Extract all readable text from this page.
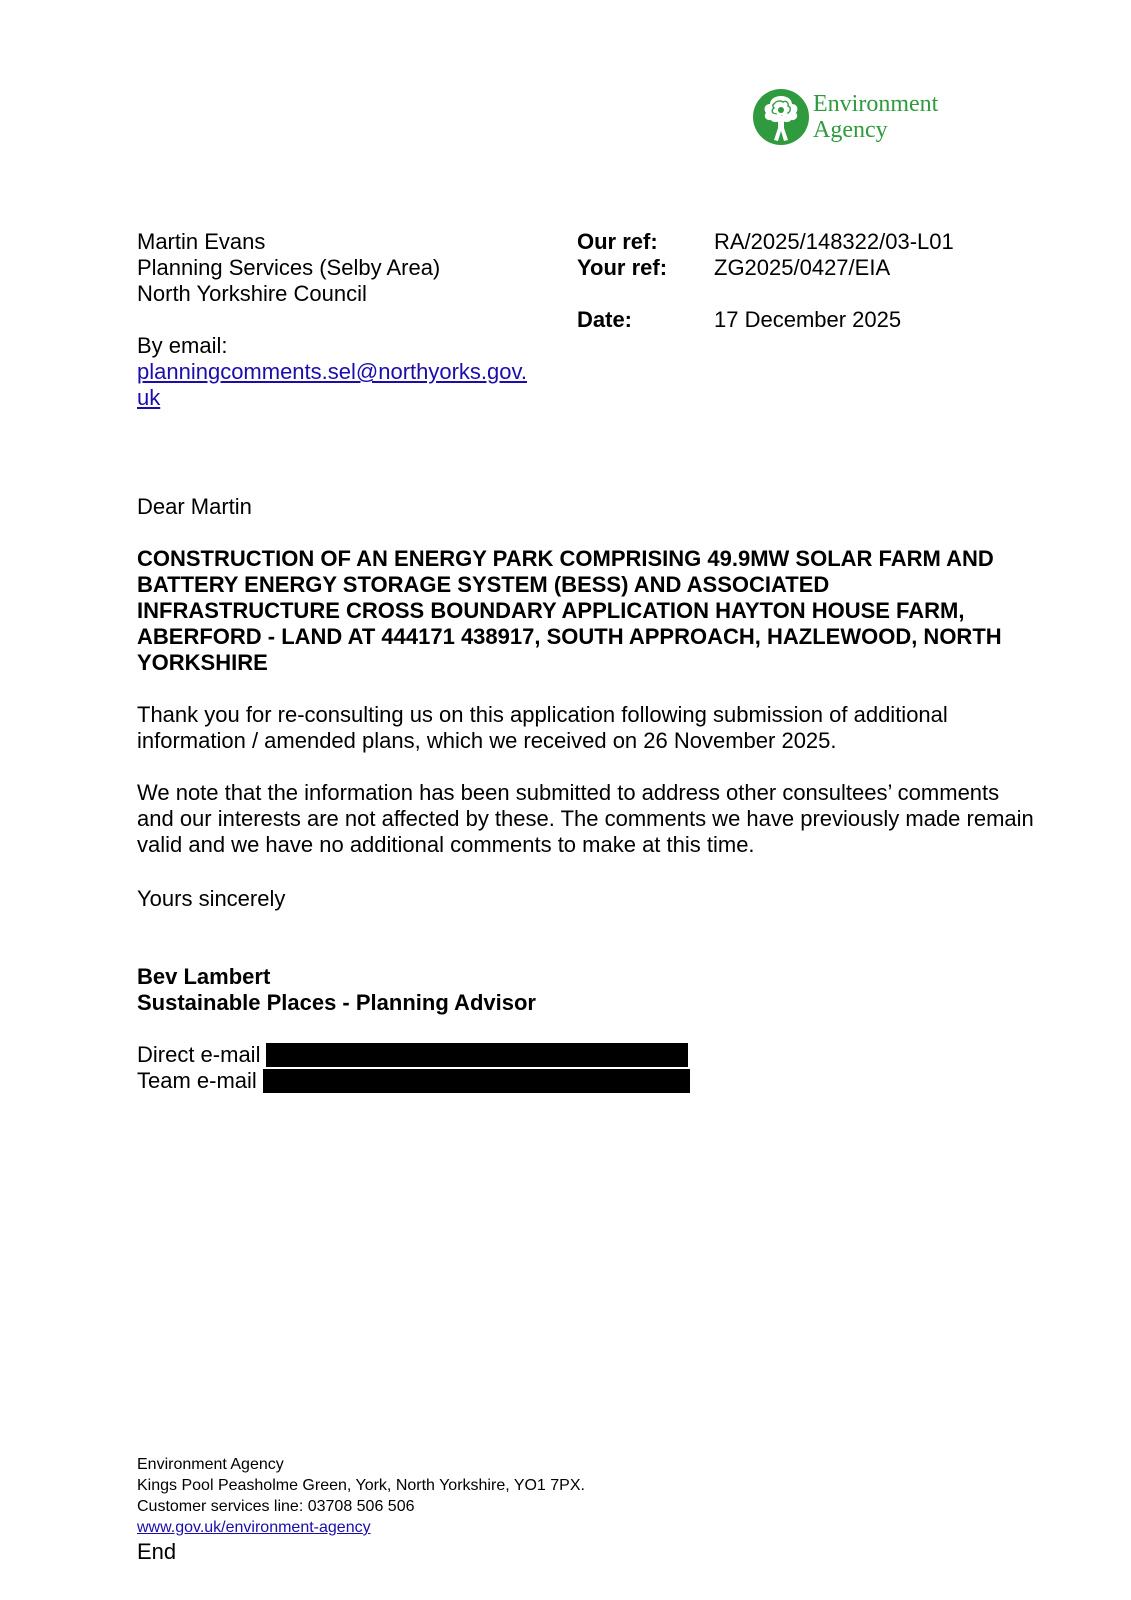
Environment
Agency
Martin Evans
Planning Services (Selby Area)
North Yorkshire Council
By email:
planningcomments.sel@northyorks.gov.
uk
Our ref:	RA/2025/148322/03-L01
Your ref:	ZG2025/0427/EIA
Date:	17 December 2025
Dear Martin
CONSTRUCTION OF AN ENERGY PARK COMPRISING 49.9MW SOLAR FARM AND BATTERY ENERGY STORAGE SYSTEM (BESS) AND ASSOCIATED INFRASTRUCTURE CROSS BOUNDARY APPLICATION HAYTON HOUSE FARM, ABERFORD - LAND AT 444171 438917, SOUTH APPROACH, HAZLEWOOD, NORTH YORKSHIRE
Thank you for re-consulting us on this application following submission of additional information / amended plans, which we received on 26 November 2025.
We note that the information has been submitted to address other consultees’ comments and our interests are not affected by these. The comments we have previously made remain valid and we have no additional comments to make at this time.
Yours sincerely
Bev Lambert
Sustainable Places - Planning Advisor
Direct e-mail
Team e-mail
Environment Agency
Kings Pool Peasholme Green, York, North Yorkshire, YO1 7PX.
Customer services line: 03708 506 506
www.gov.uk/environment-agency
End
